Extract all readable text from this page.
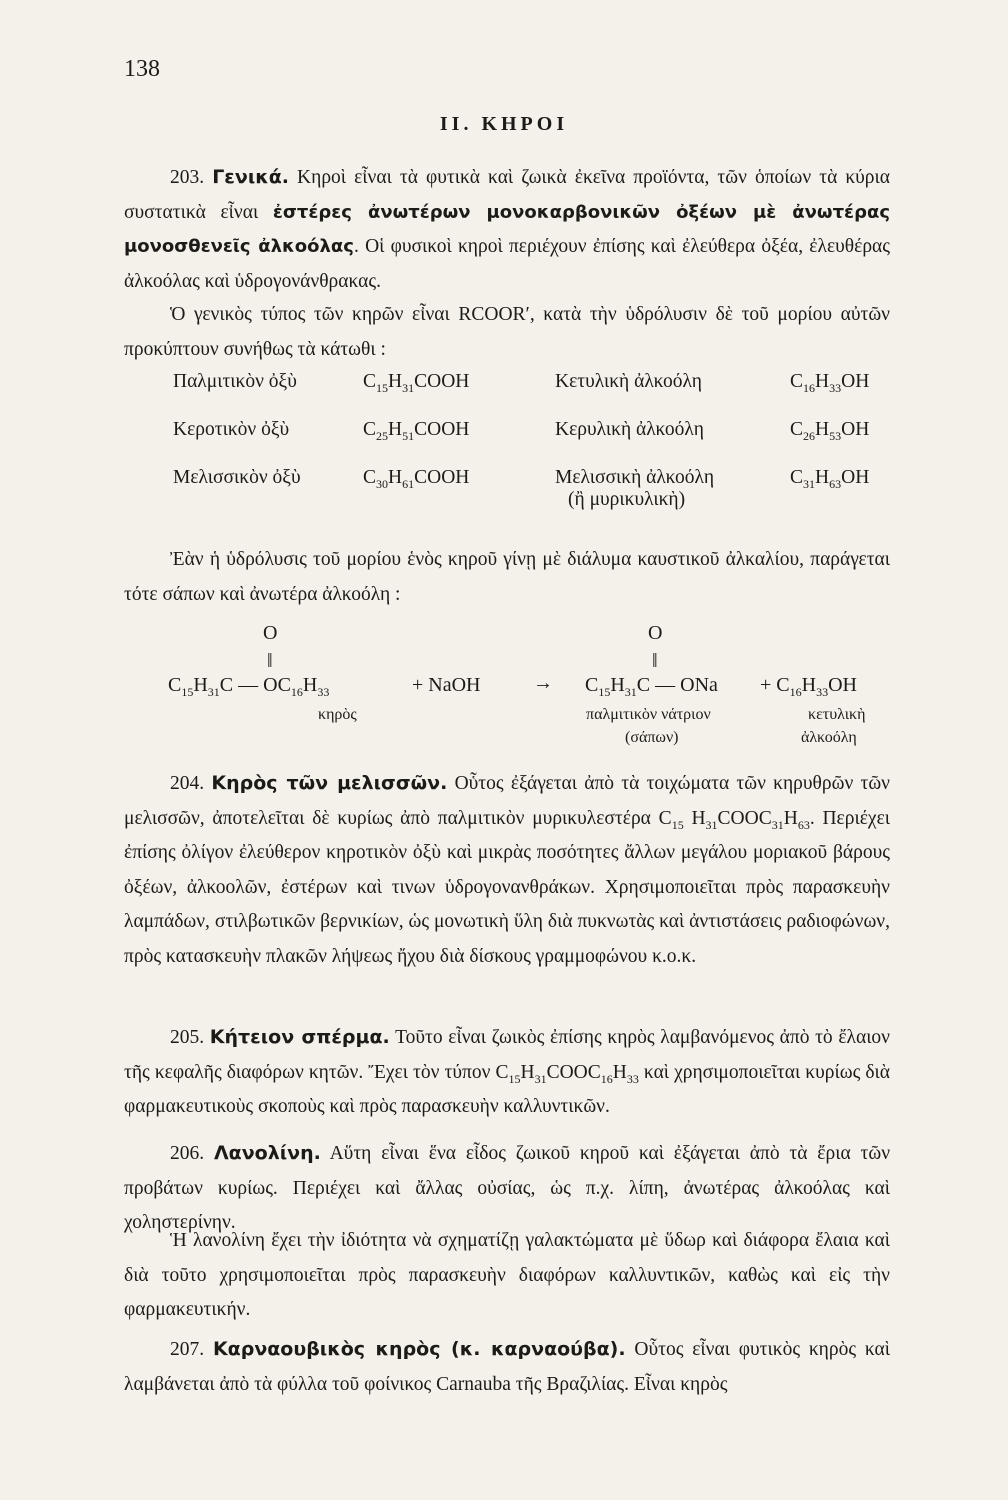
138
II. ΚΗΡΟΙ

203. Γενικά. Κηροὶ εἶναι τὰ φυτικὰ καὶ ζωικὰ ἐκεῖνα προϊόντα, τῶν ὁποίων τὰ κύρια συστατικὰ εἶναι ἐστέρες ἀνωτέρων μονοκαρβονικῶν ὀξέων μὲ ἀνωτέρας μονοσθενεῖς ἀλκοόλας. Οἱ φυσικοὶ κηροὶ περιέχουν ἐπίσης καὶ ἐλεύθερα ὀξέα, ἐλευθέρας ἀλκοόλας καὶ ὑδρογονάνθρακας.

Ὁ γενικὸς τύπος τῶν κηρῶν εἶναι RCOOR′, κατὰ τὴν ὑδρόλυσιν δὲ τοῦ μορίου αὐτῶν προκύπτουν συνήθως τὰ κάτωθι :

Παλμιτικὸν ὀξὺ	$C_{15}H_{31}COOH$	Κετυλικὴ ἀλκοόλη	$C_{16}H_{33}OH$
Κεροτικὸν ὀξὺ	$C_{25}H_{51}COOH$	Κερυλικὴ ἀλκοόλη	$C_{26}H_{53}OH$
Μελισσικὸν ὀξὺ	$C_{30}H_{61}COOH$	Μελισσικὴ ἀλκοόλη	$C_{31}H_{63}OH$
(ἢ μυρικυλικὴ)

Ἐὰν ἡ ὑδρόλυσις τοῦ μορίου ἑνὸς κηροῦ γίνῃ μὲ διάλυμα καυστικοῦ ἀλκαλίου, παράγεται τότε σάπων καὶ ἀνωτέρα ἀλκοόλη :

O
‖
O
‖
$C_{15}H_{31}C$ — $OC_{16}H_{33}$	+ NaOH	→ $C_{15}H_{31}C$ — ONa + $C_{16}H_{33}OH$
κηρὸς	παλμιτικὸν νάτριον
(σάπων)
κετυλικὴ
ἀλκοόλη

204. Κηρὸς τῶν μελισσῶν. Οὗτος ἐξάγεται ἀπὸ τὰ τοιχώματα τῶν κηρυθρῶν τῶν μελισσῶν, ἀποτελεῖται δὲ κυρίως ἀπὸ παλμιτικὸν μυρικυλεστέρα $C_{15}$ $H_{31}COOC_{31}H_{63}$. Περιέχει ἐπίσης ὀλίγον ἐλεύθερον κηροτικὸν ὀξὺ καὶ μικρὰς ποσότητες ἄλλων μεγάλου μοριακοῦ βάρους ὀξέων, ἀλκοολῶν, ἐστέρων καὶ τινων ὑδρογονανθράκων. Χρησιμοποιεῖται πρὸς παρασκευὴν λαμπάδων, στιλβωτικῶν βερνικίων, ὡς μονωτικὴ ὕλη διὰ πυκνωτὰς καὶ ἀντιστάσεις ραδιοφώνων, πρὸς κατασκευὴν πλακῶν λήψεως ἤχου διὰ δίσκους γραμμοφώνου κ.ο.κ.

205. Κήτειον σπέρμα. Τοῦτο εἶναι ζωικὸς ἐπίσης κηρὸς λαμβανόμενος ἀπὸ τὸ ἔλαιον τῆς κεφαλῆς διαφόρων κητῶν. Ἔχει τὸν τύπον $C_{15}H_{31}COOC_{16}H_{33}$ καὶ χρησιμοποιεῖται κυρίως διὰ φαρμακευτικοὺς σκοποὺς καὶ πρὸς παρασκευὴν καλλυντικῶν.

206. Λανολίνη. Αὕτη εἶναι ἕνα εἶδος ζωικοῦ κηροῦ καὶ ἐξάγεται ἀπὸ τὰ ἔρια τῶν προβάτων κυρίως. Περιέχει καὶ ἄλλας οὐσίας, ὡς π.χ. λίπη, ἀνωτέρας ἀλκοόλας καὶ χοληστερίνην.

Ἡ λανολίνη ἔχει τὴν ἰδιότητα νὰ σχηματίζῃ γαλακτώματα μὲ ὕδωρ καὶ διάφορα ἔλαια καὶ διὰ τοῦτο χρησιμοποιεῖται πρὸς παρασκευὴν διαφόρων καλλυντικῶν, καθὼς καὶ εἰς τὴν φαρμακευτικήν.

207. Καρναουβικὸς κηρὸς (κ. καρναούβα). Οὗτος εἶναι φυτικὸς κηρὸς καὶ λαμβάνεται ἀπὸ τὰ φύλλα τοῦ φοίνικος Carnauba τῆς Βραζιλίας. Εἶναι κηρὸς
